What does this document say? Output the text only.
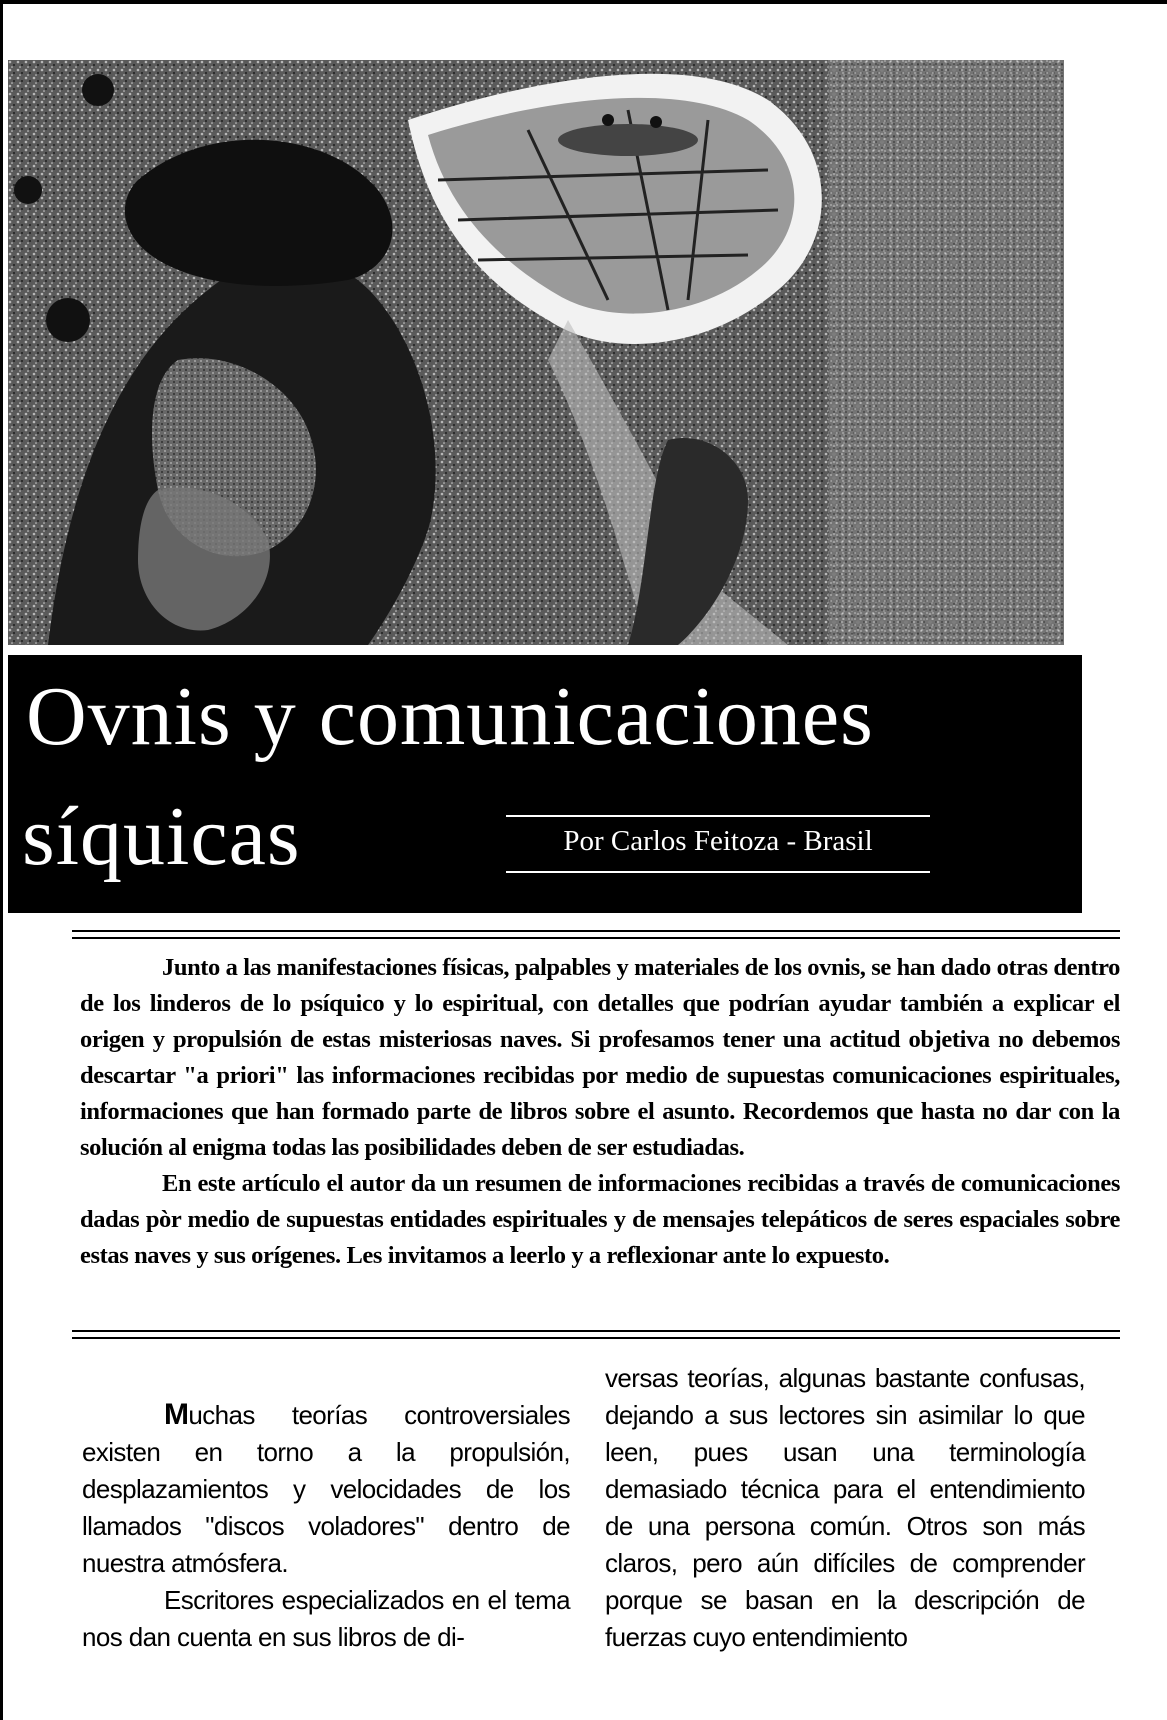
Ovnis y comunicaciones
síquicas	Por Carlos Feitoza - Brasil

Junto a las manifestaciones físicas, palpables y materiales de los ovnis, se han dado otras dentro de los linderos de lo psíquico y lo espiritual, con detalles que podrían ayudar también a explicar el origen y propulsión de estas misteriosas naves. Si profesamos tener una actitud objetiva no debemos descartar "a priori" las informaciones recibidas por medio de supuestas comunicaciones espirituales, informaciones que han formado parte de libros sobre el asunto. Recordemos que hasta no dar con la solución al enigma todas las posibilidades deben de ser estudiadas.

En este artículo el autor da un resumen de informaciones recibidas a través de comunicaciones dadas pòr medio de supuestas entidades espirituales y de mensajes telepáticos de seres espaciales sobre estas naves y sus orígenes. Les invitamos a leerlo y a reflexionar ante lo expuesto.

Muchas teorías controversiales existen en torno a la propulsión, desplazamientos y velocidades de los llamados "discos voladores" dentro de nuestra atmósfera.

Escritores especializados en el tema nos dan cuenta en sus libros de di-

versas teorías, algunas bastante confusas, dejando a sus lectores sin asimilar lo que leen, pues usan una terminología demasiado técnica para el entendimiento de una persona común. Otros son más claros, pero aún difíciles de comprender porque se basan en la descripción de fuerzas cuyo entendimiento
